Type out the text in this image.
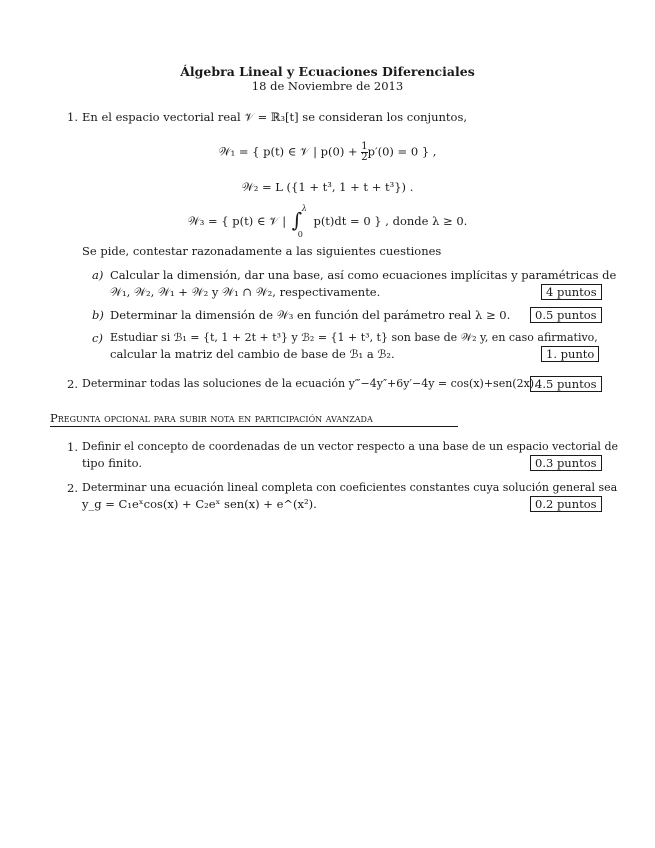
Álgebra Lineal y Ecuaciones Diferenciales
18 de Noviembre de 2013
1. En el espacio vectorial real 𝒱 = ℝ₃[t] se consideran los conjuntos,
𝒲₁ = { p(t) ∈ 𝒱 | $p(0) + \frac{1}{2} p'(0) = 0$ } ,
𝒲₂ = L ({1 + t³, 1 + t + t³}) .
𝒲₃ = { p(t) ∈ 𝒱 | ∫ λ
0
p(t)dt = 0 } , donde λ ≥ 0.
Se pide, contestar razonadamente a las siguientes cuestiones
a) Calcular la dimensión, dar una base, así como ecuaciones implícitas y paramétricas de
𝒲₁, 𝒲₂, 𝒲₁ + 𝒲₂ y 𝒲₁ ∩ 𝒲₂, respectivamente.	4 puntos
b) Determinar la dimensión de 𝒲₃ en función del parámetro real λ ≥ 0.	0.5 puntos
c) Estudiar si ℬ₁ = {t, 1 + 2t + t³} y ℬ₂ = {1 + t³, t} son base de 𝒲₂ y, en caso afirmativo,
calcular la matriz del cambio de base de ℬ₁ a ℬ₂.	1. punto
2. Determinar todas las soluciones de la ecuación y‴−4y″+6y′−4y = cos(x)+sen(2x).
4.5 puntos
Pregunta opcional para subir nota en participación avanzada
1. Definir el concepto de coordenadas de un vector respecto a una base de un espacio vectorial de
tipo finito.	0.3 puntos
2. Determinar una ecuación lineal completa con coeficientes constantes cuya solución general sea
y_g = C₁eˣcos(x) + C₂eˣ sen(x) + e^(x²).	0.2 puntos
